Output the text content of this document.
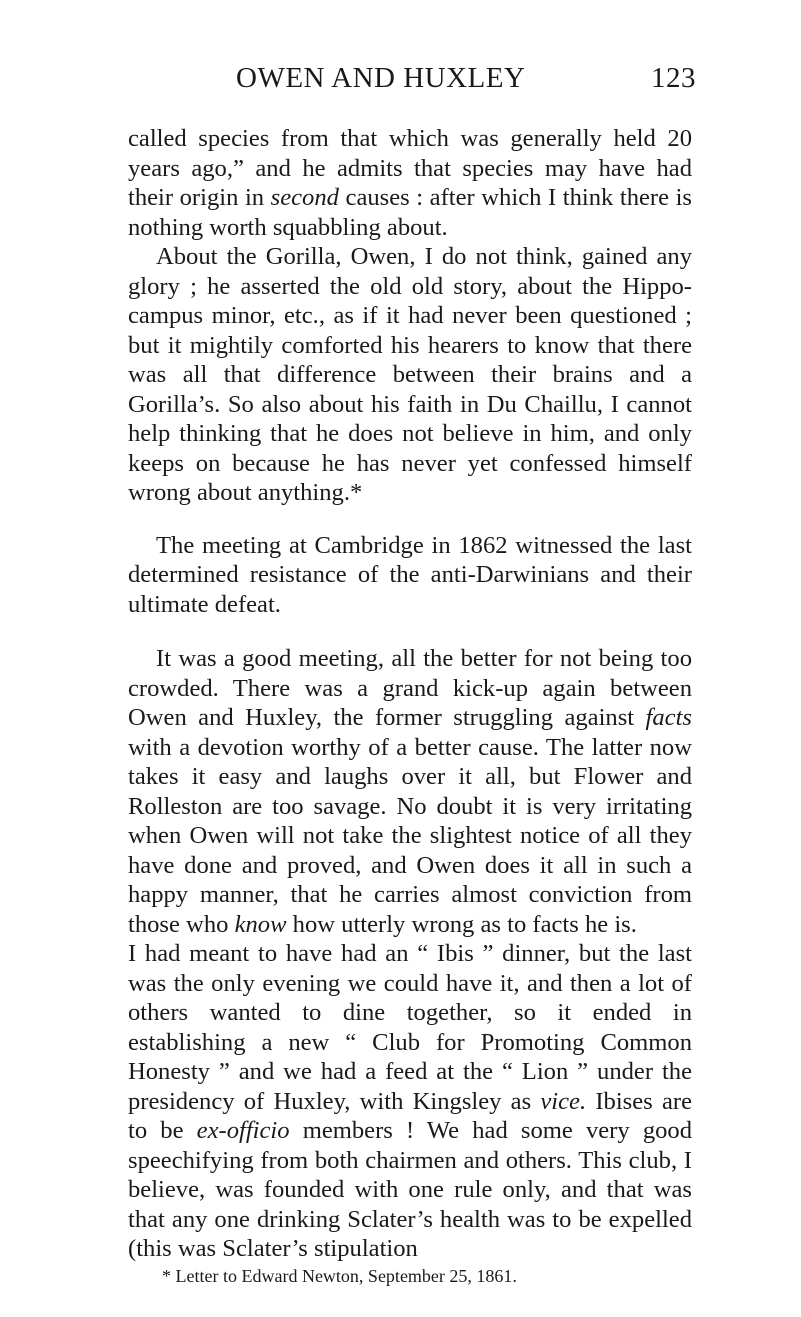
OWEN AND HUXLEY	123

called species from that which was generally held 20 years ago,” and he admits that species may have had their origin in second causes : after which I think there is nothing worth squabbling about.

About the Gorilla, Owen, I do not think, gained any glory ; he asserted the old old story, about the Hippo-campus minor, etc., as if it had never been questioned ; but it mightily comforted his hearers to know that there was all that difference between their brains and a Gorilla’s. So also about his faith in Du Chaillu, I cannot help thinking that he does not believe in him, and only keeps on because he has never yet confessed himself wrong about anything.*

The meeting at Cambridge in 1862 witnessed the last determined resistance of the anti-Darwinians and their ultimate defeat.

It was a good meeting, all the better for not being too crowded. There was a grand kick-up again between Owen and Huxley, the former struggling against facts with a devotion worthy of a better cause. The latter now takes it easy and laughs over it all, but Flower and Rolleston are too savage. No doubt it is very irritating when Owen will not take the slightest notice of all they have done and proved, and Owen does it all in such a happy manner, that he carries almost conviction from those who know how utterly wrong as to facts he is.

I had meant to have had an “ Ibis ” dinner, but the last was the only evening we could have it, and then a lot of others wanted to dine together, so it ended in establishing a new “ Club for Promoting Common Honesty ” and we had a feed at the “ Lion ” under the presidency of Huxley, with Kingsley as vice. Ibises are to be ex-officio members ! We had some very good speechifying from both chairmen and others. This club, I believe, was founded with one rule only, and that was that any one drinking Sclater’s health was to be expelled (this was Sclater’s stipulation

* Letter to Edward Newton, September 25, 1861.
